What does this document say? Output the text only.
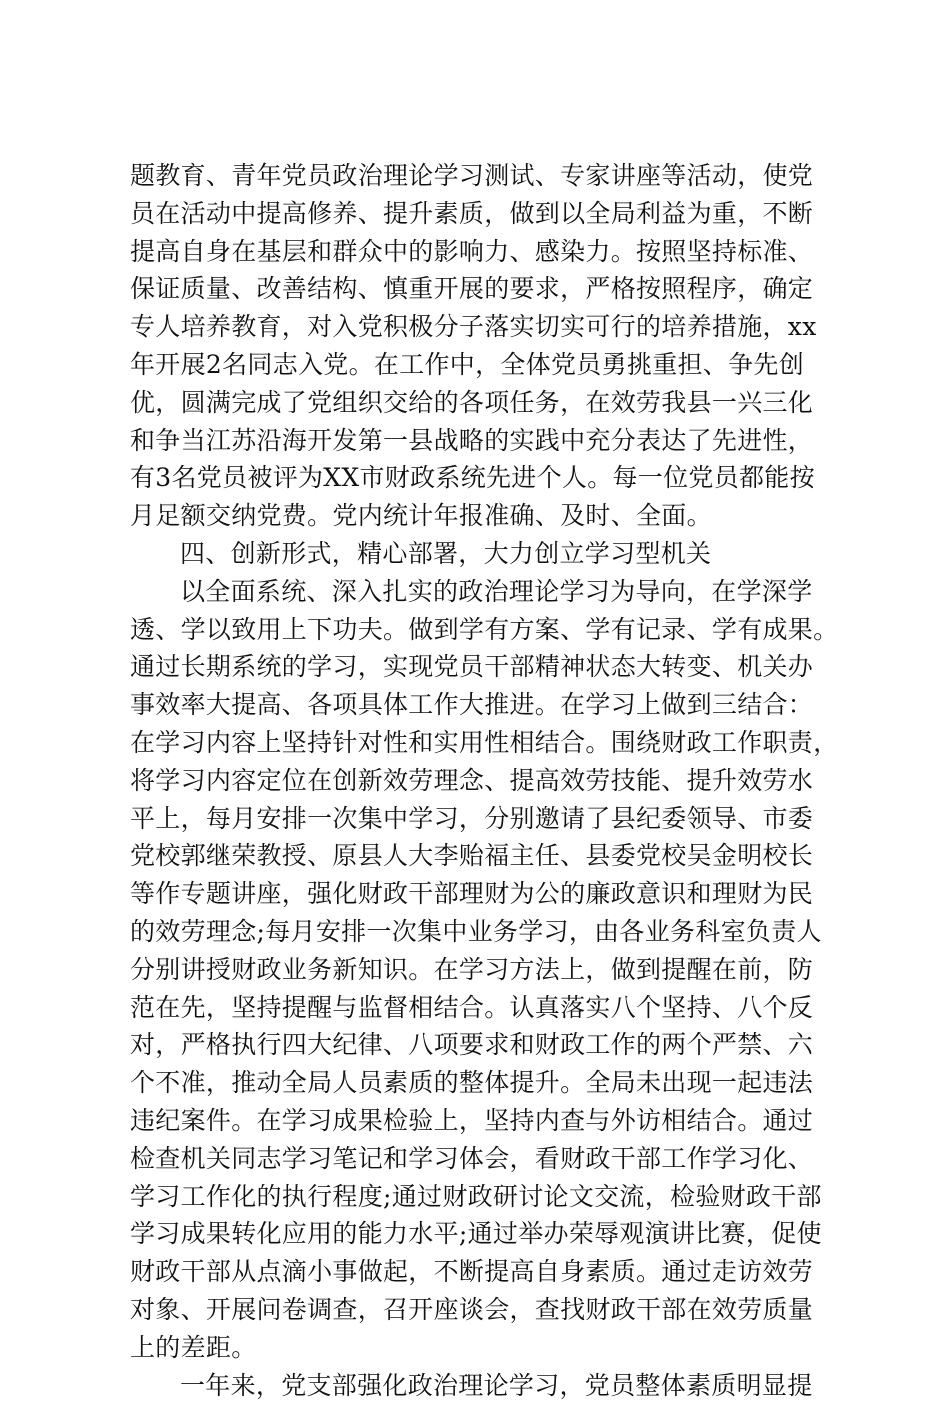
题教育、青年党员政治理论学习测试、专家讲座等活动，使党
员在活动中提高修养、提升素质，做到以全局利益为重，不断
提高自身在基层和群众中的影响力、感染力。按照坚持标准、
保证质量、改善结构、慎重开展的要求，严格按照程序，确定
专人培养教育，对入党积极分子落实切实可行的培养措施，xx
年开展2名同志入党。在工作中，全体党员勇挑重担、争先创
优，圆满完成了党组织交给的各项任务，在效劳我县一兴三化
和争当江苏沿海开发第一县战略的实践中充分表达了先进性，
有3名党员被评为XX市财政系统先进个人。每一位党员都能按
月足额交纳党费。党内统计年报准确、及时、全面。
四、创新形式，精心部署，大力创立学习型机关
以全面系统、深入扎实的政治理论学习为导向，在学深学
透、学以致用上下功夫。做到学有方案、学有记录、学有成果。
通过长期系统的学习，实现党员干部精神状态大转变、机关办
事效率大提高、各项具体工作大推进。在学习上做到三结合：
在学习内容上坚持针对性和实用性相结合。围绕财政工作职责，
将学习内容定位在创新效劳理念、提高效劳技能、提升效劳水
平上，每月安排一次集中学习，分别邀请了县纪委领导、市委
党校郭继荣教授、原县人大李贻福主任、县委党校吴金明校长
等作专题讲座，强化财政干部理财为公的廉政意识和理财为民
的效劳理念;每月安排一次集中业务学习，由各业务科室负责人
分别讲授财政业务新知识。在学习方法上，做到提醒在前，防
范在先，坚持提醒与监督相结合。认真落实八个坚持、八个反
对，严格执行四大纪律、八项要求和财政工作的两个严禁、六
个不准，推动全局人员素质的整体提升。全局未出现一起违法
违纪案件。在学习成果检验上，坚持内查与外访相结合。通过
检查机关同志学习笔记和学习体会，看财政干部工作学习化、
学习工作化的执行程度;通过财政研讨论文交流，检验财政干部
学习成果转化应用的能力水平;通过举办荣辱观演讲比赛，促使
财政干部从点滴小事做起，不断提高自身素质。通过走访效劳
对象、开展问卷调查，召开座谈会，查找财政干部在效劳质量
上的差距。
一年来，党支部强化政治理论学习，党员整体素质明显提
